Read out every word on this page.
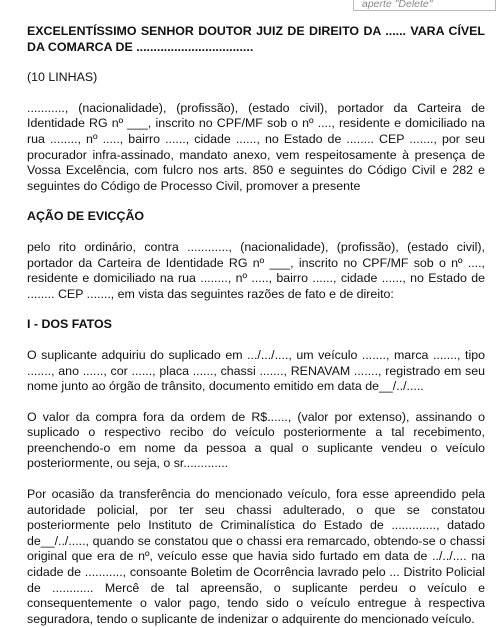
aperte "Delete"

EXCELENTÍSSIMO SENHOR DOUTOR JUIZ DE DIREITO DA ...... VARA CÍVEL DA COMARCA DE ..................................

(10 LINHAS)

..........., (nacionalidade), (profissão), (estado civil), portador da Carteira de Identidade RG nº ___, inscrito no CPF/MF sob o nº ...., residente e domiciliado na rua ........, nº ....., bairro ......, cidade ......, no Estado de ........ CEP ......., por seu procurador infra-assinado, mandato anexo, vem respeitosamente à presença de Vossa Excelência, com fulcro nos arts. 850 e seguintes do Código Civil e 282 e seguintes do Código de Processo Civil, promover a presente

AÇÃO DE EVICÇÃO

pelo rito ordinário, contra ............, (nacionalidade), (profissão), (estado civil), portador da Carteira de Identidade RG nº ___, inscrito no CPF/MF sob o nº ...., residente e domiciliado na rua ........, nº ....., bairro ......, cidade ......, no Estado de ........ CEP ......., em vista das seguintes razões de fato e de direito:

I - DOS FATOS

O suplicante adquiriu do suplicado em .../.../...., um veículo ......., marca ......., tipo ......., ano ......, cor ......, placa ......, chassi ......., RENAVAM ......., registrado em seu nome junto ao órgão de trânsito, documento emitido em data de__/../.....

O valor da compra fora da ordem de R$......, (valor por extenso), assinando o suplicado o respectivo recibo do veículo posteriormente a tal recebimento, preenchendo-o em nome da pessoa a qual o suplicante vendeu o veículo posteriormente, ou seja, o sr.............

Por ocasião da transferência do mencionado veículo, fora esse apreendido pela autoridade policial, por ter seu chassi adulterado, o que se constatou posteriormente pelo Instituto de Criminalística do Estado de ............., datado de__/../....., quando se constatou que o chassi era remarcado, obtendo-se o chassi original que era de nº, veículo esse que havia sido furtado em data de ../../.... na cidade de ..........., consoante Boletim de Ocorrência lavrado pelo ... Distrito Policial de ............ Mercê de tal apreensão, o suplicante perdeu o veículo e consequentemente o valor pago, tendo sido o veículo entregue à respectiva seguradora, tendo o suplicante de indenizar o adquirente do mencionado veículo.
